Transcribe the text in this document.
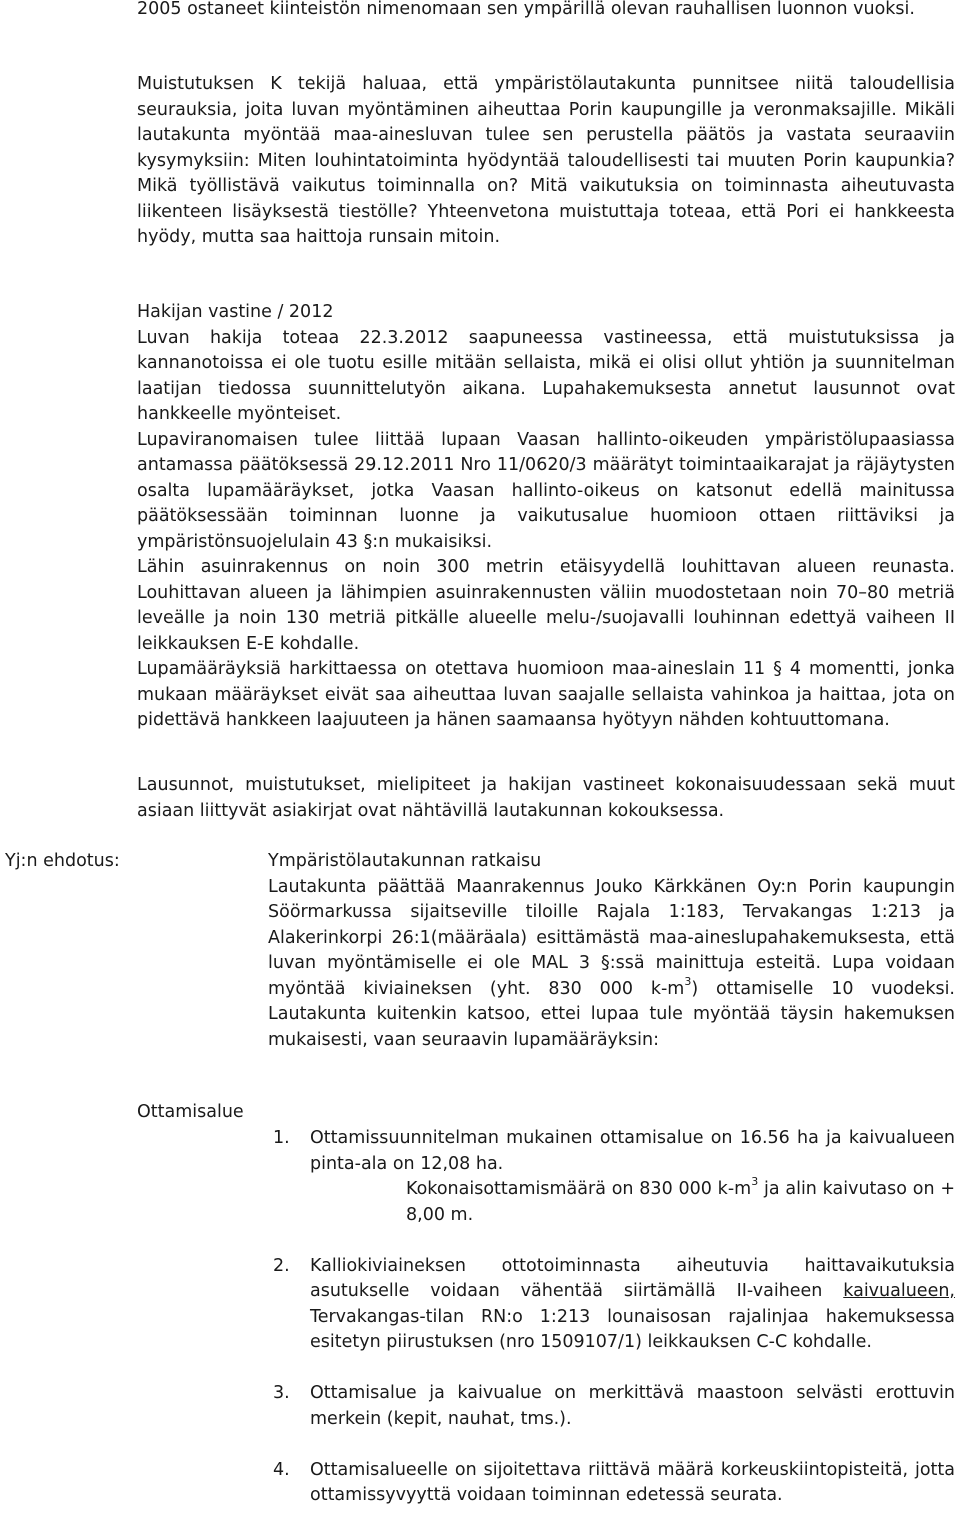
2005 ostaneet kiinteistön nimenomaan sen ympärillä olevan rauhallisen luonnon vuoksi.

Muistutuksen K tekijä haluaa, että ympäristölautakunta punnitsee niitä taloudellisia seurauksia, joita luvan myöntäminen aiheuttaa Porin kaupungille ja veronmaksajille. Mikäli lautakunta myöntää maa-ainesluvan tulee sen perustella päätös ja vastata seuraaviin kysymyksiin: Miten louhintatoiminta hyödyntää taloudellisesti tai muuten Porin kaupunkia? Mikä työllistävä vaikutus toiminnalla on? Mitä vaikutuksia on toiminnasta aiheutuvasta liikenteen lisäyksestä tiestölle? Yhteenvetona muistuttaja toteaa, että Pori ei hankkeesta hyödy, mutta saa haittoja runsain mitoin.

Hakijan vastine / 2012

Luvan hakija toteaa 22.3.2012 saapuneessa vastineessa, että muistutuksissa ja kannanotoissa ei ole tuotu esille mitään sellaista, mikä ei olisi ollut yhtiön ja suunnitelman laatijan tiedossa suunnittelutyön aikana. Lupahakemuksesta annetut lausunnot ovat hankkeelle myönteiset.

Lupaviranomaisen tulee liittää lupaan Vaasan hallinto-oikeuden ympäristölupaasiassa antamassa päätöksessä 29.12.2011 Nro 11/0620/3 määrätyt toimintaaikarajat ja räjäytysten osalta lupamääräykset, jotka Vaasan hallinto-oikeus on katsonut edellä mainitussa päätöksessään toiminnan luonne ja vaikutusalue huomioon ottaen riittäviksi ja ympäristönsuojelulain 43 §:n mukaisiksi.

Lähin asuinrakennus on noin 300 metrin etäisyydellä louhittavan alueen reunasta. Louhittavan alueen ja lähimpien asuinrakennusten väliin muodostetaan noin 70–80 metriä leveälle ja noin 130 metriä pitkälle alueelle melu-/suojavalli louhinnan edettyä vaiheen II leikkauksen E-E kohdalle.

Lupamääräyksiä harkittaessa on otettava huomioon maa-aineslain 11 § 4 momentti, jonka mukaan määräykset eivät saa aiheuttaa luvan saajalle sellaista vahinkoa ja haittaa, jota on pidettävä hankkeen laajuuteen ja hänen saamaansa hyötyyn nähden kohtuuttomana.

Lausunnot, muistutukset, mielipiteet ja hakijan vastineet kokonaisuudessaan sekä muut asiaan liittyvät asiakirjat ovat nähtävillä lautakunnan kokouksessa.

Yj:n ehdotus:	Ympäristölautakunnan ratkaisu

Lautakunta päättää Maanrakennus Jouko Kärkkänen Oy:n Porin kaupungin Söörmarkussa sijaitseville tiloille Rajala 1:183, Tervakangas 1:213 ja Alakerinkorpi 26:1(määräala) esittämästä maa-aineslupahakemuksesta, että luvan myöntämiselle ei ole MAL 3 §:ssä mainittuja esteitä. Lupa voidaan myöntää kiviaineksen (yht. 830 000 $k-m^3$) ottamiselle 10 vuodeksi. Lautakunta kuitenkin katsoo, ettei lupaa tule myöntää täysin hakemuksen mukaisesti, vaan seuraavin lupamääräyksin:

Ottamisalue
1. Ottamissuunnitelman mukainen ottamisalue on 16.56 ha ja kaivualueen pinta-ala on 12,08 ha.
Kokonaisottamismäärä on 830 000 $k-m^3$ ja alin kaivutaso on + 8,00 m.
2. Kalliokiviaineksen ottotoiminnasta aiheutuvia haittavaikutuksia asutukselle voidaan vähentää siirtämällä II-vaiheen kaivualueen, Tervakangas-tilan RN:o 1:213 lounaisosan rajalinjaa hakemuksessa esitetyn piirustuksen (nro 1509107/1) leikkauksen C-C kohdalle.
3. Ottamisalue ja kaivualue on merkittävä maastoon selvästi erottuvin merkein (kepit, nauhat, tms.).
4. Ottamisalueelle on sijoitettava riittävä määrä korkeuskiintopisteitä, jotta ottamissyvyyttä voidaan toiminnan edetessä seurata.
